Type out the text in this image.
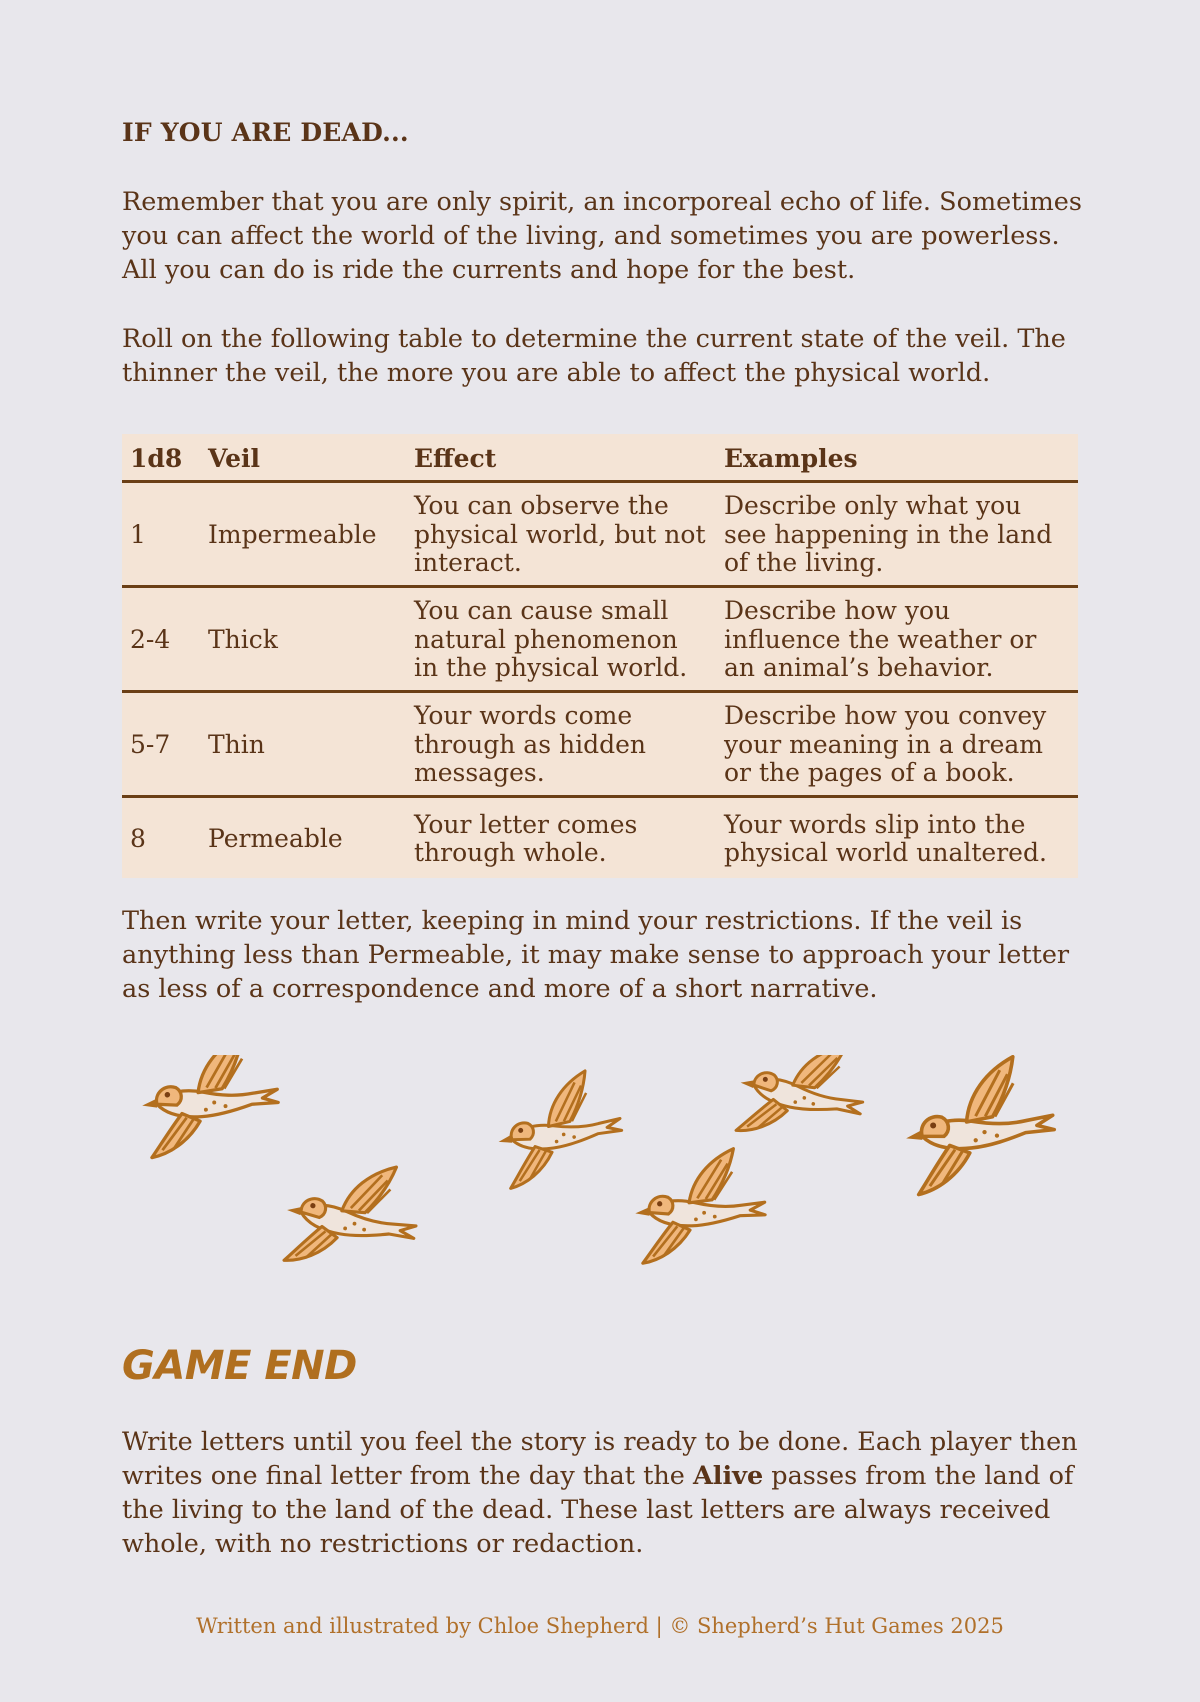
IF YOU ARE DEAD...

Remember that you are only spirit, an incorporeal echo of life. Sometimes you can affect the world of the living, and sometimes you are powerless. All you can do is ride the currents and hope for the best.

Roll on the following table to determine the current state of the veil. The thinner the veil, the more you are able to affect the physical world.

1d8	Veil	Effect	Examples
1	Impermeable	You can observe the physical world, but not interact.	Describe only what you see happening in the land of the living.
2-4	Thick	You can cause small natural phenomenon in the physical world.	Describe how you influence the weather or an animal’s behavior.
5-7	Thin	Your words come through as hidden messages.	Describe how you convey your meaning in a dream or the pages of a book.
8	Permeable	Your letter comes through whole.	Your words slip into the physical world unaltered.

Then write your letter, keeping in mind your restrictions. If the veil is anything less than Permeable, it may make sense to approach your letter as less of a correspondence and more of a short narrative.

GAME END

Write letters until you feel the story is ready to be done. Each player then writes one final letter from the day that the Alive passes from the land of the living to the land of the dead. These last letters are always received whole, with no restrictions or redaction.

Written and illustrated by Chloe Shepherd | © Shepherd’s Hut Games 2025
